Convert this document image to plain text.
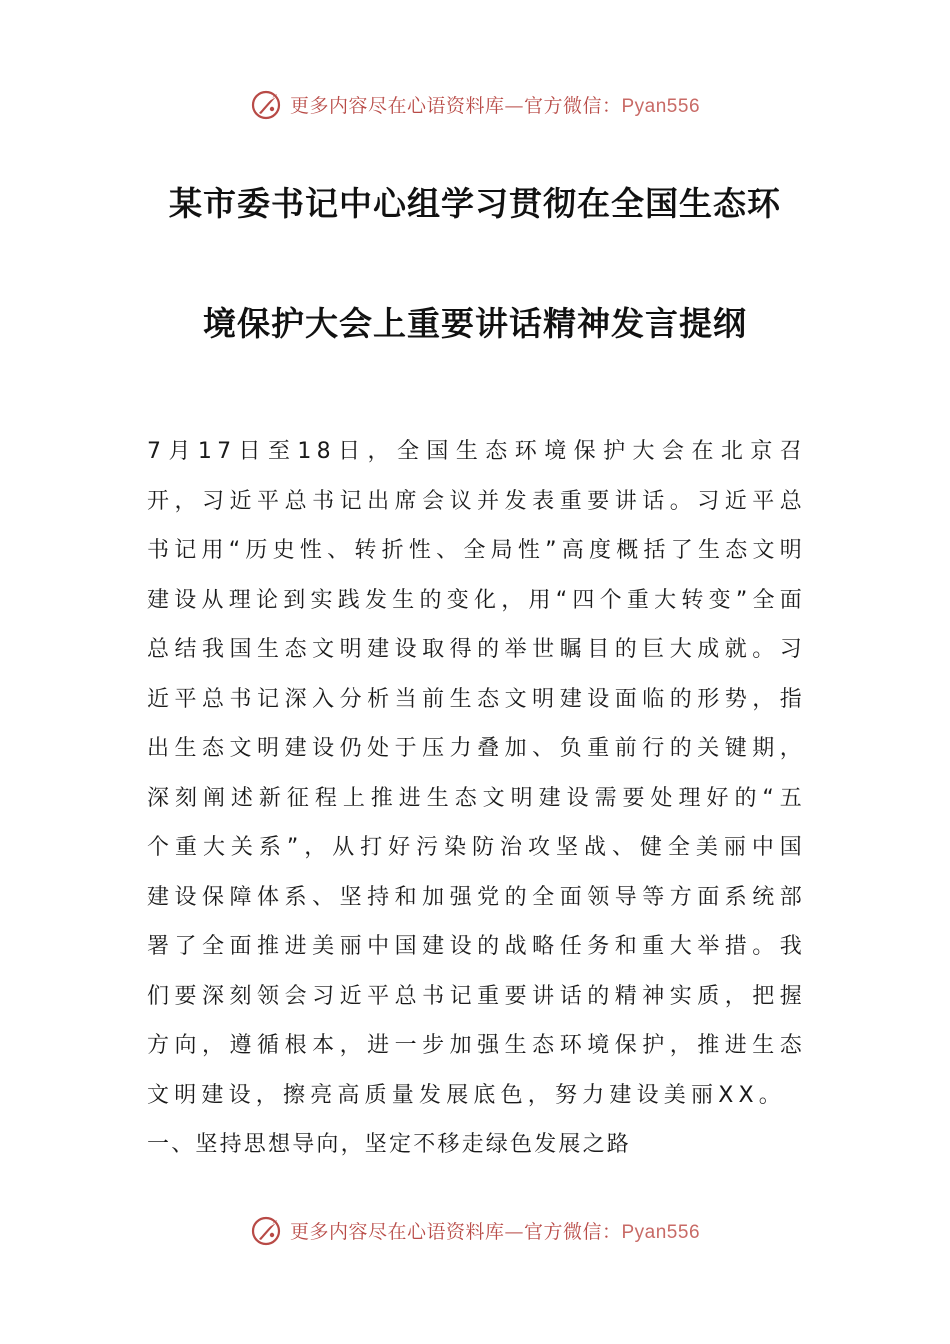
更多内容尽在心语资料库—官方微信：Pyan556
某市委书记中心组学习贯彻在全国生态环
境保护大会上重要讲话精神发言提纲
7月17日至18日，全国生态环境保护大会在北京召开，习近平总书记出席会议并发表重要讲话。习近平总书记用“历史性、转折性、全局性”高度概括了生态文明建设从理论到实践发生的变化，用“四个重大转变”全面总结我国生态文明建设取得的举世瞩目的巨大成就。习近平总书记深入分析当前生态文明建设面临的形势，指出生态文明建设仍处于压力叠加、负重前行的关键期，深刻阐述新征程上推进生态文明建设需要处理好的“五个重大关系”，从打好污染防治攻坚战、健全美丽中国建设保障体系、坚持和加强党的全面领导等方面系统部署了全面推进美丽中国建设的战略任务和重大举措。我们要深刻领会习近平总书记重要讲话的精神实质，把握方向，遵循根本，进一步加强生态环境保护，推进生态文明建设，擦亮高质量发展底色，努力建设美丽XX。
一、坚持思想导向，坚定不移走绿色发展之路
更多内容尽在心语资料库—官方微信：Pyan556
